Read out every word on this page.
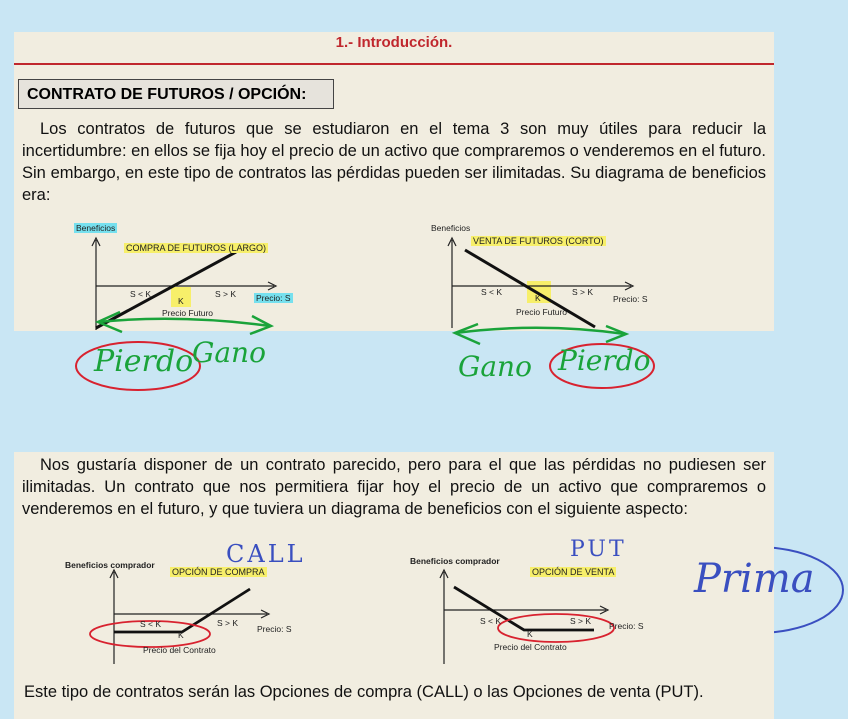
1.- Introducción.
CONTRATO DE FUTUROS / OPCIÓN:
Los contratos de futuros que se estudiaron en el tema 3 son muy útiles para reducir la incertidumbre: en ellos se fija hoy el precio de un activo que compraremos o venderemos en el futuro. Sin embargo, en este tipo de contratos las pérdidas pueden ser ilimitadas. Su diagrama de beneficios era:
Beneficios
COMPRA DE FUTUROS (LARGO)
S < K	S > K
K	Precio: S
Precio Futuro
Beneficios
VENTA DE FUTUROS (CORTO)
S < K	S > K
K	Precio: S
Precio Futuro
Pierdo
Gano	Gano Pierdo
Nos gustaría disponer de un contrato parecido, pero para el que las pérdidas no pudiesen ser ilimitadas. Un contrato que nos permitiera fijar hoy el precio de un activo que compraremos o venderemos en el futuro, y que tuviera un diagrama de beneficios con el siguiente aspecto:
Beneficios comprador
OPCIÓN DE COMPRA
S < K	S > K
K
Precio: S
Precio del Contrato
Beneficios comprador
OPCIÓN DE VENTA
S < K	S > K
K
Precio: S
Precio del Contrato
Este tipo de contratos serán las Opciones de compra (CALL) o las Opciones de venta (PUT).
CALL	PUT
Prima
